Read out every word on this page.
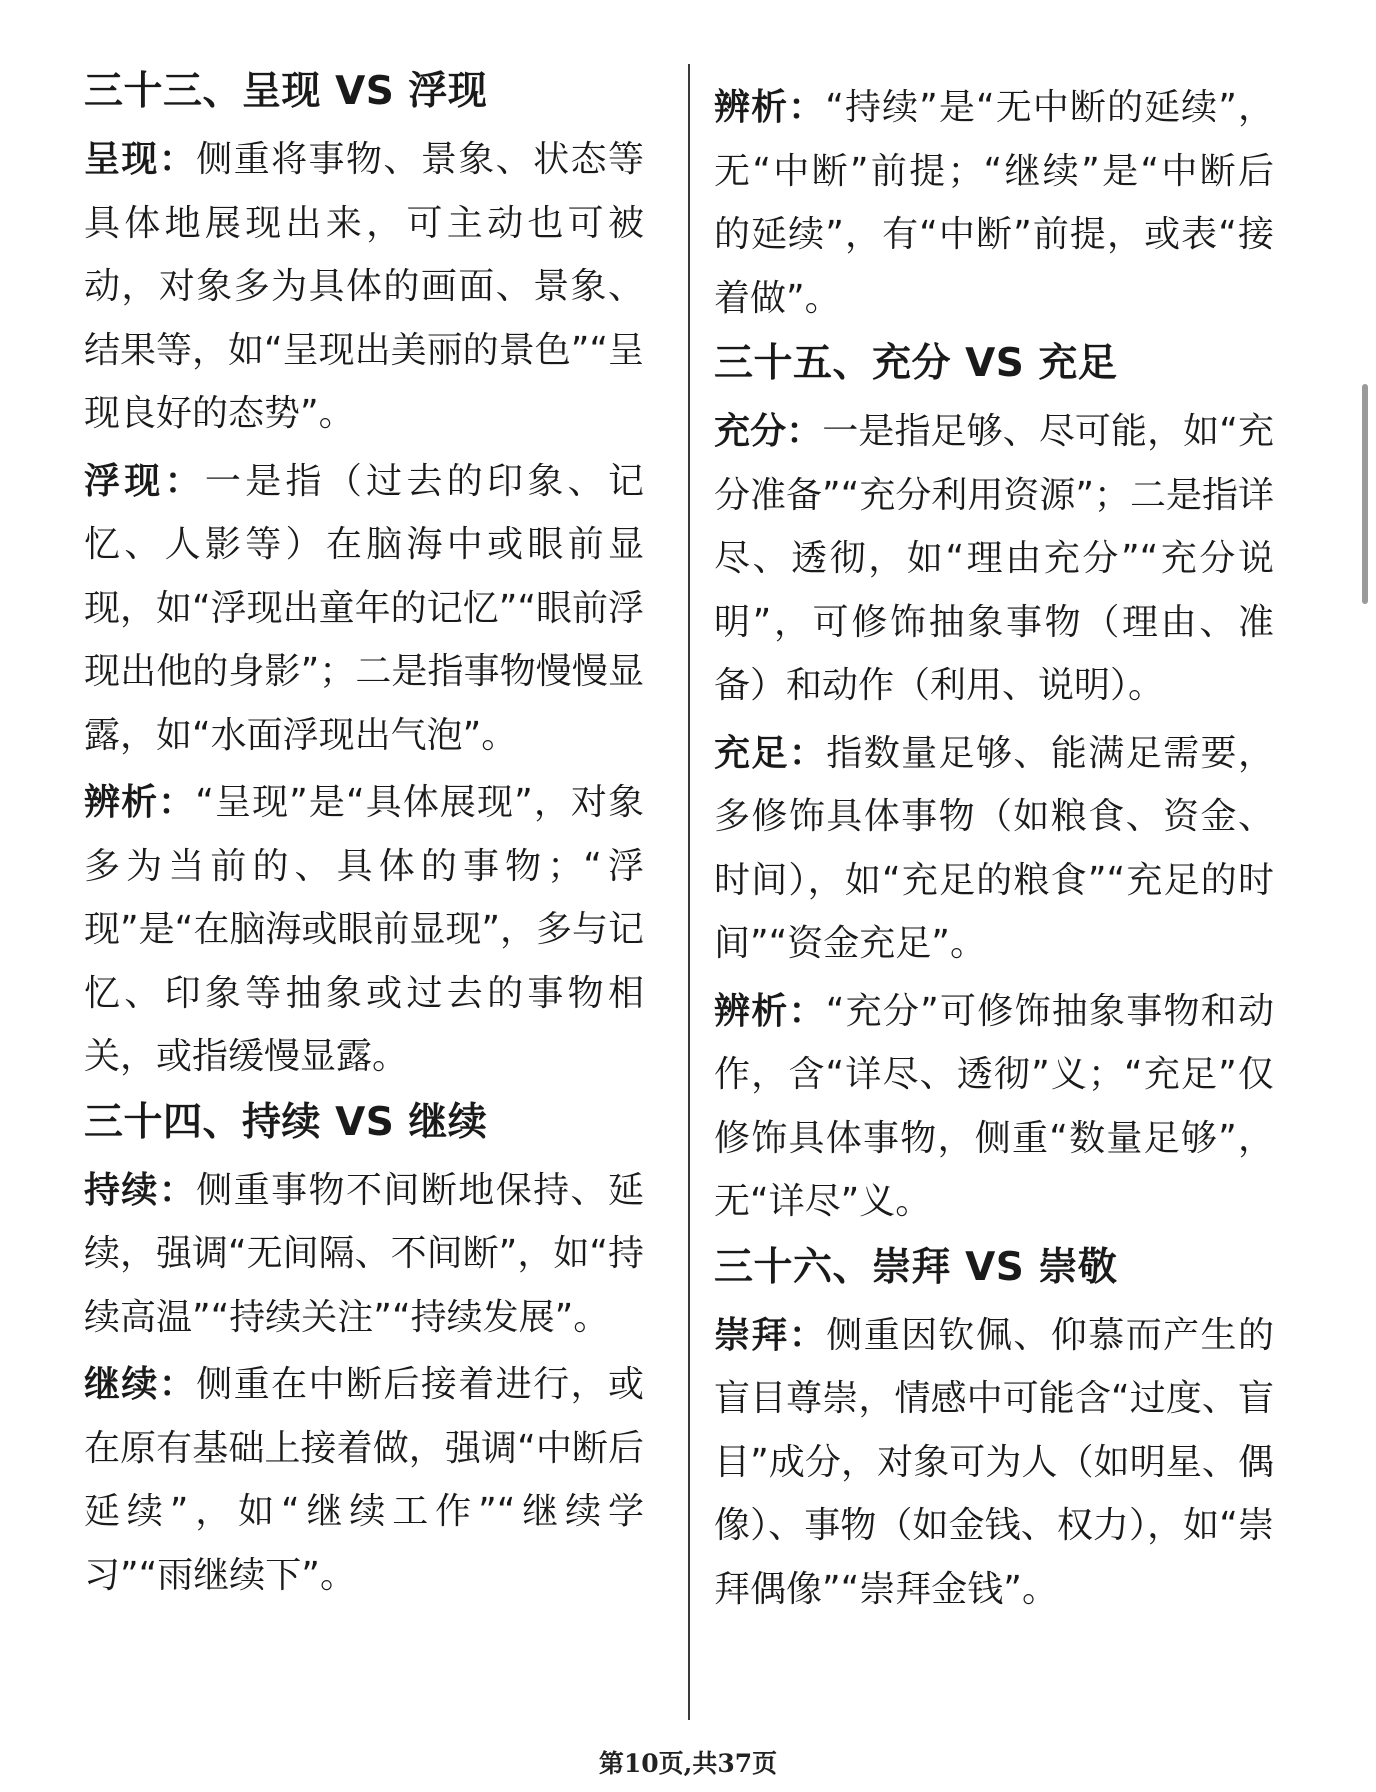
三十三、呈现 VS 浮现

呈现：侧重将事物、景象、状态等具体地展现出来，可主动也可被动，对象多为具体的画面、景象、结果等，如“呈现出美丽的景色”“呈现良好的态势”。

浮现：一是指（过去的印象、记忆、人影等）在脑海中或眼前显现，如“浮现出童年的记忆”“眼前浮现出他的身影”；二是指事物慢慢显露，如“水面浮现出气泡”。

辨析：“呈现”是“具体展现”，对象多为当前的、具体的事物；“浮现”是“在脑海或眼前显现”，多与记忆、印象等抽象或过去的事物相关，或指缓慢显露。

三十四、持续 VS 继续

持续：侧重事物不间断地保持、延续，强调“无间隔、不间断”，如“持续高温”“持续关注”“持续发展”。

继续：侧重在中断后接着进行，或在原有基础上接着做，强调“中断后延续”，如“继续工作”“继续学习”“雨继续下”。

辨析：“持续”是“无中断的延续”，无“中断”前提；“继续”是“中断后的延续”，有“中断”前提，或表“接着做”。

三十五、充分 VS 充足

充分：一是指足够、尽可能，如“充分准备”“充分利用资源”；二是指详尽、透彻，如“理由充分”“充分说明”，可修饰抽象事物（理由、准备）和动作（利用、说明）。

充足：指数量足够、能满足需要，多修饰具体事物（如粮食、资金、时间），如“充足的粮食”“充足的时间”“资金充足”。

辨析：“充分”可修饰抽象事物和动作，含“详尽、透彻”义；“充足”仅修饰具体事物，侧重“数量足够”，无“详尽”义。

三十六、崇拜 VS 崇敬

崇拜：侧重因钦佩、仰慕而产生的盲目尊崇，情感中可能含“过度、盲目”成分，对象可为人（如明星、偶像）、事物（如金钱、权力），如“崇拜偶像”“崇拜金钱”。

第10页,共37页
